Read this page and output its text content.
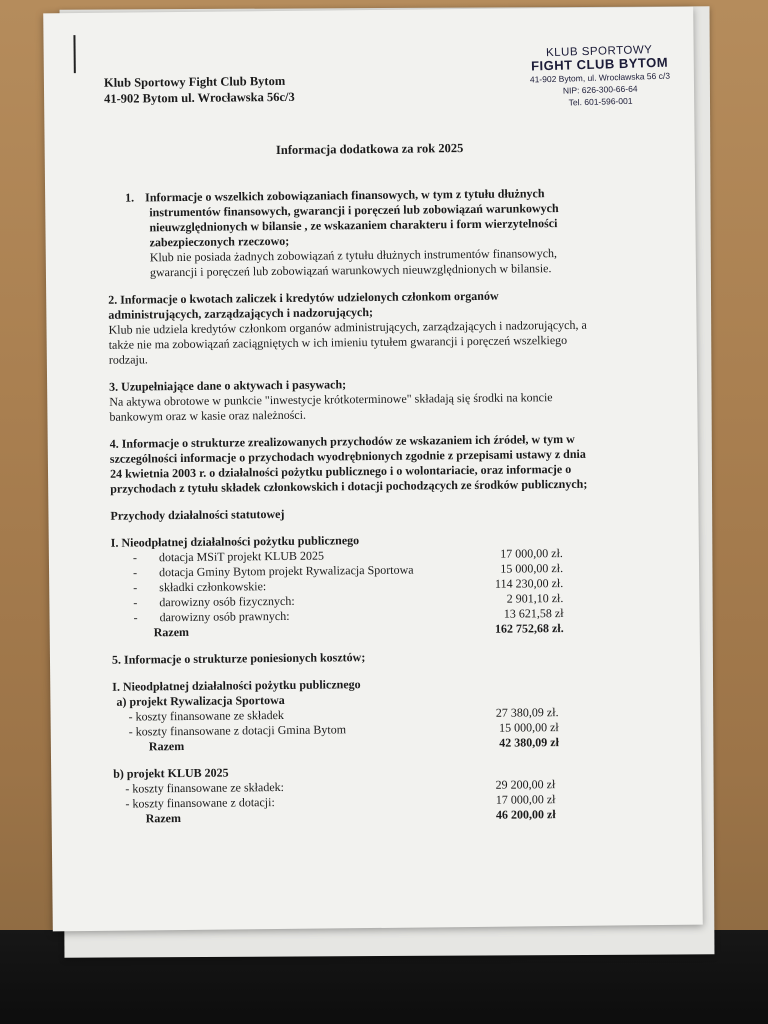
Klub Sportowy Fight Club Bytom
41-902 Bytom ul. Wrocławska 56c/3
KLUB SPORTOWY
FIGHT CLUB BYTOM
41-902 Bytom, ul. Wrocławska 56 c/3
NIP: 626-300-66-64
Tel. 601-596-001
Informacja dodatkowa za rok 2025
1. Informacje o wszelkich zobowiązaniach finansowych, w tym z tytułu dłużnych
instrumentów finansowych, gwarancji i poręczeń lub zobowiązań warunkowych
nieuwzględnionych w bilansie , ze wskazaniem charakteru i form wierzytelności
zabezpieczonych rzeczowo;
Klub nie posiada żadnych zobowiązań z tytułu dłużnych instrumentów finansowych,
gwarancji i poręczeń lub zobowiązań warunkowych nieuwzględnionych w bilansie.
2. Informacje o kwotach zaliczek i kredytów udzielonych członkom organów
administrujących, zarządzających i nadzorujących;
Klub nie udziela kredytów członkom organów administrujących, zarządzających i nadzorujących, a
także nie ma zobowiązań zaciągniętych w ich imieniu tytułem gwarancji i poręczeń wszelkiego
rodzaju.
3. Uzupełniające dane o aktywach i pasywach;
Na aktywa obrotowe w punkcie "inwestycje krótkoterminowe" składają się środki na koncie
bankowym oraz w kasie oraz należności.
4. Informacje o strukturze zrealizowanych przychodów ze wskazaniem ich źródeł, w tym w
szczególności informacje o przychodach wyodrębnionych zgodnie z przepisami ustawy z dnia
24 kwietnia 2003 r. o działalności pożytku publicznego i o wolontariacie, oraz informacje o
przychodach z tytułu składek członkowskich i dotacji pochodzących ze środków publicznych;
Przychody działalności statutowej
I. Nieodpłatnej działalności pożytku publicznego
- dotacja MSiT projekt KLUB 2025	17 000,00 zł.
- dotacja Gminy Bytom projekt Rywalizacja Sportowa	15 000,00 zł.
- składki członkowskie:	114 230,00 zł.
- darowizny osób fizycznych:	2 901,10 zł.
- darowizny osób prawnych:	13 621,58 zł
Razem	162 752,68 zł.
5. Informacje o strukturze poniesionych kosztów;
I. Nieodpłatnej działalności pożytku publicznego
a) projekt Rywalizacja Sportowa
- koszty finansowane ze składek	27 380,09 zł.
- koszty finansowane z dotacji Gmina Bytom	15 000,00 zł
Razem	42 380,09 zł
b) projekt KLUB 2025
- koszty finansowane ze składek:	29 200,00 zł
- koszty finansowane z dotacji:	17 000,00 zł
Razem	46 200,00 zł
